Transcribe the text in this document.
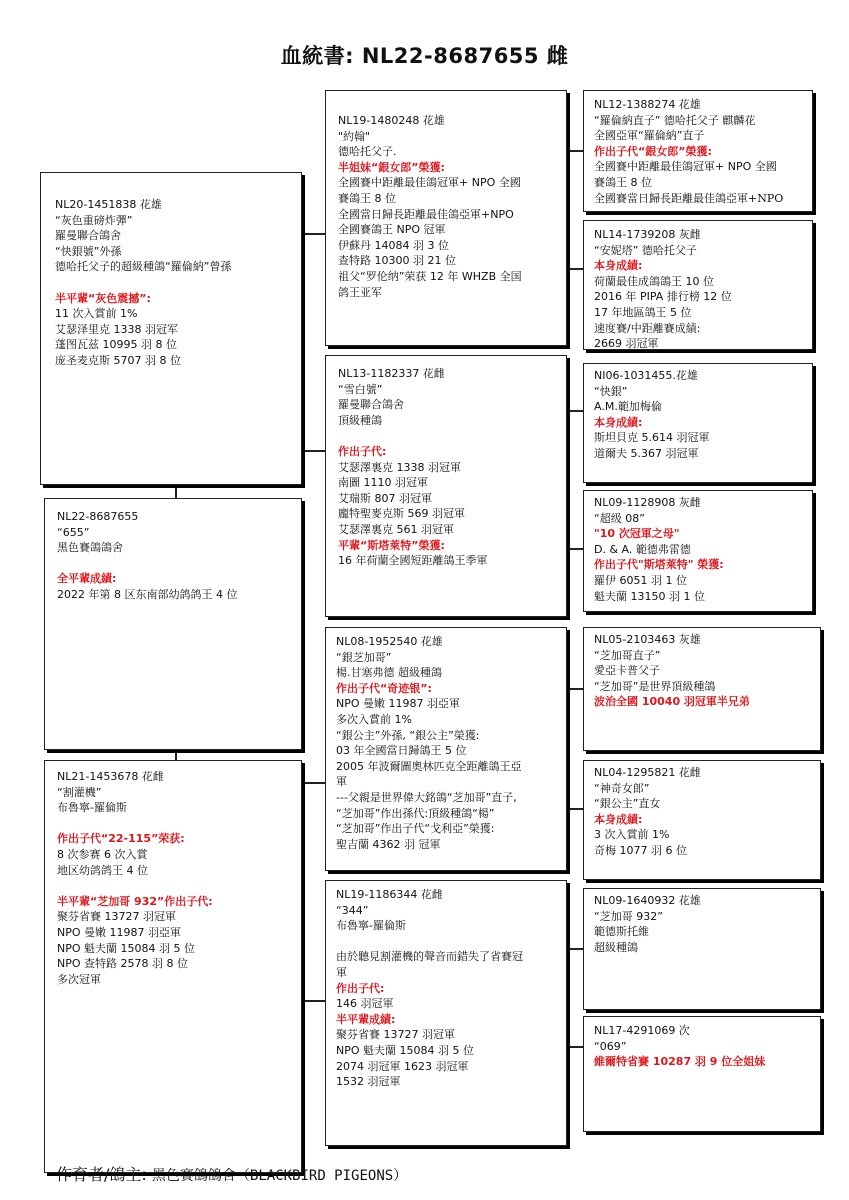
血統書: NL22-8687655 雌
NL20-1451838 花雄
“灰色重磅炸彈”
羅曼聯合鴿舍
“快銀號”外孫
德哈托父子的超級種鴿“羅倫納”曾孫
半平輩“灰色震撼”:
11 次入賞前 1%
艾瑟泽里克 1338 羽冠军
蓬图瓦兹 10995 羽 8 位
庞圣麦克斯 5707 羽 8 位
NL22-8687655
“655”
黑色賽鴿鴿舍
全平輩成績:
2022 年第 8 区东南部幼鸽鸽王 4 位
NL21-1453678 花雌
“割灌機”
布魯寧-羅倫斯
作出子代“22-115”荣获:
8 次参赛 6 次入賞
地区幼鸽鸽王 4 位
半平輩“芝加哥 932”作出子代:
聚芬省賽 13727 羽冠軍
NPO 曼嫩 11987 羽亞軍
NPO 魁夫蘭 15084 羽 5 位
NPO 查特路 2578 羽 8 位
多次冠軍
NL19-1480248 花雄
"約翰"
德哈托父子.
半姐妹“銀女郎”榮獲:
全國賽中距離最佳鴿冠軍+ NPO 全國
賽鴿王 8 位
全國當日歸長距離最佳鴿亞軍+NPO
全國賽鴿王 NPO 冠軍
伊蘇丹 14084 羽 3 位
查特路 10300 羽 21 位
祖父“罗伦纳”荣获 12 年 WHZB 全国
鸽王亚军
NL13-1182337 花雌
“雪白號”
羅曼聯合鴿舍
頂級種鴿
作出子代:
艾瑟澤裏克 1338 羽冠軍
南圖 1110 羽冠軍
艾瑞斯 807 羽冠軍
龐特聖麥克斯 569 羽冠軍
艾瑟澤裏克 561 羽冠軍
平輩“斯塔萊特”榮獲:
16 年荷蘭全國短距離鴿王季軍
NL08-1952540 花雄
“銀芝加哥”
楊.甘塞弗德 超級種鴿
作出子代“奇迹银”:
NPO 曼嫩 11987 羽亞軍
多次入賞前 1%
“銀公主”外孫, “銀公主”榮獲:
03 年全國當日歸鴿王 5 位
2005 年波爾圖奧林匹克全距離鴿王亞
軍
---父親是世界偉大銘鴿“芝加哥”直子,
“芝加哥”作出孫代:頂級種鴿“楊”
“芝加哥”作出子代“戈利亞”榮獲:
聖吉蘭 4362 羽 冠軍
NL19-1186344 花雌
“344”
布魯寧-羅倫斯
由於聽見割灌機的聲音而錯失了省賽冠
軍
作出子代:
146 羽冠軍
半平輩成績:
聚芬省賽 13727 羽冠軍
NPO 魁夫蘭 15084 羽 5 位
2074 羽冠軍 1623 羽冠軍
1532 羽冠軍
NL12-1388274 花雄
“羅倫納直子” 德哈托父子 麒麟花
全國亞軍“羅倫納”直子
作出子代“銀女郎”榮獲:
全國賽中距離最佳鴿冠軍+ NPO 全國
賽鴿王 8 位
全國賽當日歸長距離最佳鴿亞軍+NPO
NL14-1739208 灰雌
“安妮塔” 德哈托父子
本身成績:
荷蘭最佳成鴿鴿王 10 位
2016 年 PIPA 排行榜 12 位
17 年地區鴿王 5 位
速度賽/中距離賽成績:
2669 羽冠軍
NI06-1031455.花雄
“快銀”
A.M.範加梅倫
本身成績:
斯坦貝克 5.614 羽冠軍
道爾夫 5.367 羽冠軍
NL09-1128908 灰雌
“超级 08”
"10 次冠軍之母"
D. & A. 範德弗雷德
作出子代"斯塔萊特" 榮獲:
羅伊 6051 羽 1 位
魁夫蘭 13150 羽 1 位
NL05-2103463 灰雄
“芝加哥直子”
愛亞卡普父子
“芝加哥”是世界頂級種鴿
波治全國 10040 羽冠軍半兄弟
NL04-1295821 花雌
“神奇女郎”
“銀公主”直女
本身成績:
3 次入賞前 1%
奇梅 1077 羽 6 位
NL09-1640932 花雄
“芝加哥 932”
範德斯托維
超級種鴿
NL17-4291069 次
“069”
維爾特省賽 10287 羽 9 位全姐妹
作育者/鴿主: 黑色賽鴿鴿舍（BLACKBIRD PIGEONS）
